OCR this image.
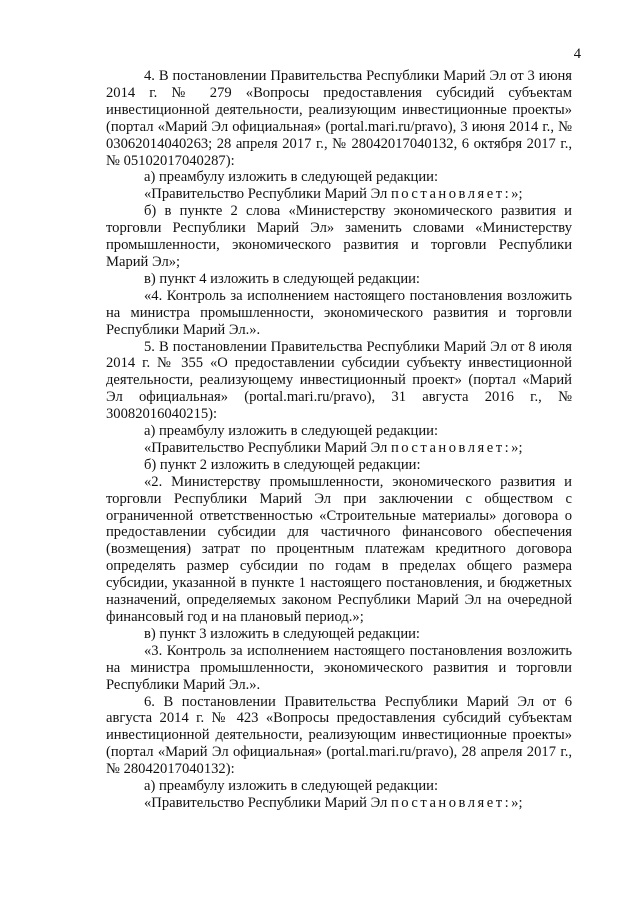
4

4. В постановлении Правительства Республики Марий Эл от 3 июня 2014 г. № 279 «Вопросы предоставления субсидий субъектам инвестиционной деятельности, реализующим инвестиционные проекты» (портал «Марий Эл официальная» (portal.mari.ru/pravo), 3 июня 2014 г., № 03062014040263; 28 апреля 2017 г., № 28042017040132, 6 октября 2017 г., № 05102017040287):

а) преамбулу изложить в следующей редакции:

«Правительство Республики Марий Эл постановляет:»;

б) в пункте 2 слова «Министерству экономического развития и торговли Республики Марий Эл» заменить словами «Министерству промышленности, экономического развития и торговли Республики Марий Эл»;

в) пункт 4 изложить в следующей редакции:

«4. Контроль за исполнением настоящего постановления возложить на министра промышленности, экономического развития и торговли Республики Марий Эл.».

5. В постановлении Правительства Республики Марий Эл от 8 июля 2014 г. № 355 «О предоставлении субсидии субъекту инвестиционной деятельности, реализующему инвестиционный проект» (портал «Марий Эл официальная» (portal.mari.ru/pravo), 31 августа 2016 г., № 30082016040215):

а) преамбулу изложить в следующей редакции:

«Правительство Республики Марий Эл постановляет:»;

б) пункт 2 изложить в следующей редакции:

«2. Министерству промышленности, экономического развития и торговли Республики Марий Эл при заключении с обществом с ограниченной ответственностью «Строительные материалы» договора о предоставлении субсидии для частичного финансового обеспечения (возмещения) затрат по процентным платежам кредитного договора определять размер субсидии по годам в пределах общего размера субсидии, указанной в пункте 1 настоящего постановления, и бюджетных назначений, определяемых законом Республики Марий Эл на очередной финансовый год и на плановый период.»;

в) пункт 3 изложить в следующей редакции:

«3. Контроль за исполнением настоящего постановления возложить на министра промышленности, экономического развития и торговли Республики Марий Эл.».

6. В постановлении Правительства Республики Марий Эл от 6 августа 2014 г. № 423 «Вопросы предоставления субсидий субъектам инвестиционной деятельности, реализующим инвестиционные проекты» (портал «Марий Эл официальная» (portal.mari.ru/pravo), 28 апреля 2017 г., № 28042017040132):

а) преамбулу изложить в следующей редакции:

«Правительство Республики Марий Эл постановляет:»;
